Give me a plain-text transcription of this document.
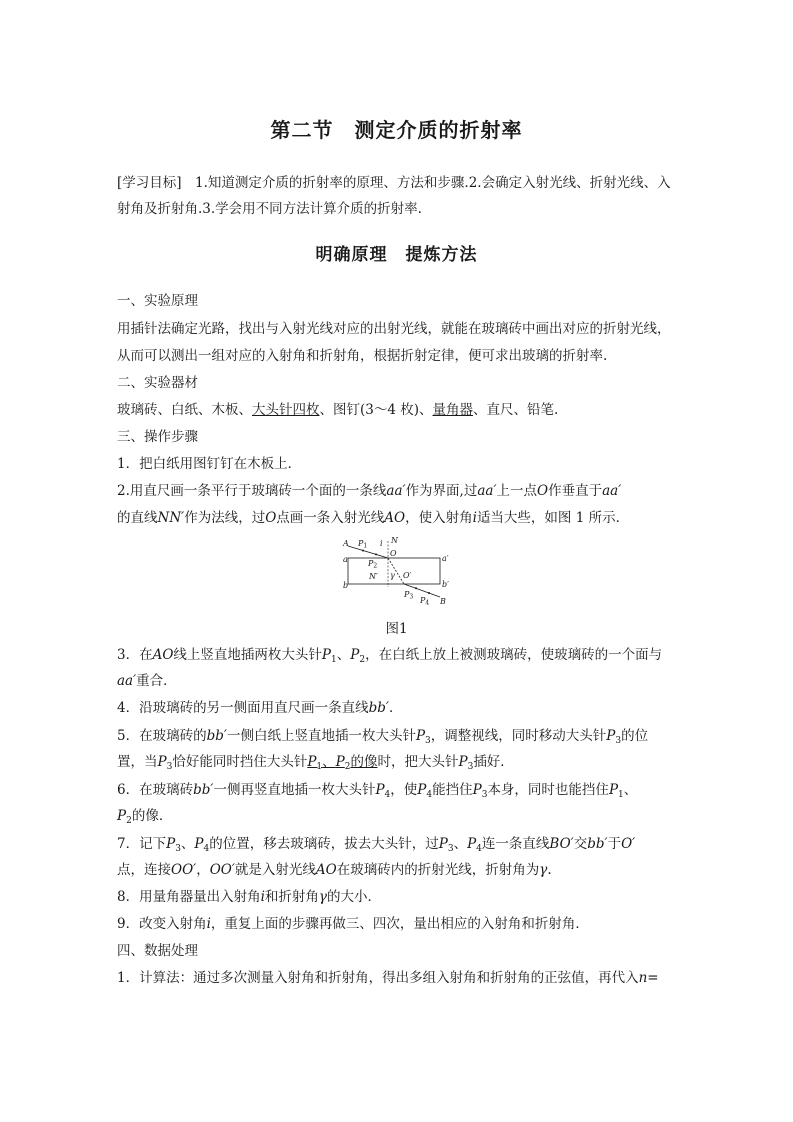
第二节　测定介质的折射率
[学习目标]　1.知道测定介质的折射率的原理、方法和步骤.2.会确定入射光线、折射光线、入
射角及折射角.3.学会用不同方法计算介质的折射率.
明确原理　提炼方法
一、实验原理
用插针法确定光路，找出与入射光线对应的出射光线，就能在玻璃砖中画出对应的折射光线，
从而可以测出一组对应的入射角和折射角，根据折射定律，便可求出玻璃的折射率.
二、实验器材
玻璃砖、白纸、木板、大头针四枚、图钉(3～4 枚)、量角器、直尺、铅笔.
三、操作步骤
1．把白纸用图钉钉在木板上．
2.用直尺画一条平行于玻璃砖一个面的一条线aa′作为界面,过aa′上一点O作垂直于aa′
的直线NN′作为法线，过O点画一条入射光线AO，使入射角i适当大些，如图 1 所示．
A P1 i N
a
O
a′
P2
N′ γ O′
b	b′
P3 P4 B
图1
3．在AO线上竖直地插两枚大头针$P_1$、$P_2$，在白纸上放上被测玻璃砖，使玻璃砖的一个面与
aa′重合．
4．沿玻璃砖的另一侧面用直尺画一条直线bb′．
5．在玻璃砖的bb′一侧白纸上竖直地插一枚大头针$P_3$，调整视线，同时移动大头针$P_3$的位
置，当$P_3$恰好能同时挡住大头针$P_1$、$P_2$的像时，把大头针$P_3$插好．
6．在玻璃砖bb′一侧再竖直地插一枚大头针$P_4$，使$P_4$能挡住$P_3$本身，同时也能挡住$P_1$、
$P_2$的像．
7．记下$P_3$、$P_4$的位置，移去玻璃砖，拔去大头针，过$P_3$、$P_4$连一条直线BO′交bb′于O′
点，连接OO′，OO′就是入射光线AO在玻璃砖内的折射光线，折射角为γ.
8．用量角器量出入射角i和折射角γ的大小．
9．改变入射角i，重复上面的步骤再做三、四次，量出相应的入射角和折射角．
四、数据处理
1．计算法：通过多次测量入射角和折射角，得出多组入射角和折射角的正弦值，再代入n=
